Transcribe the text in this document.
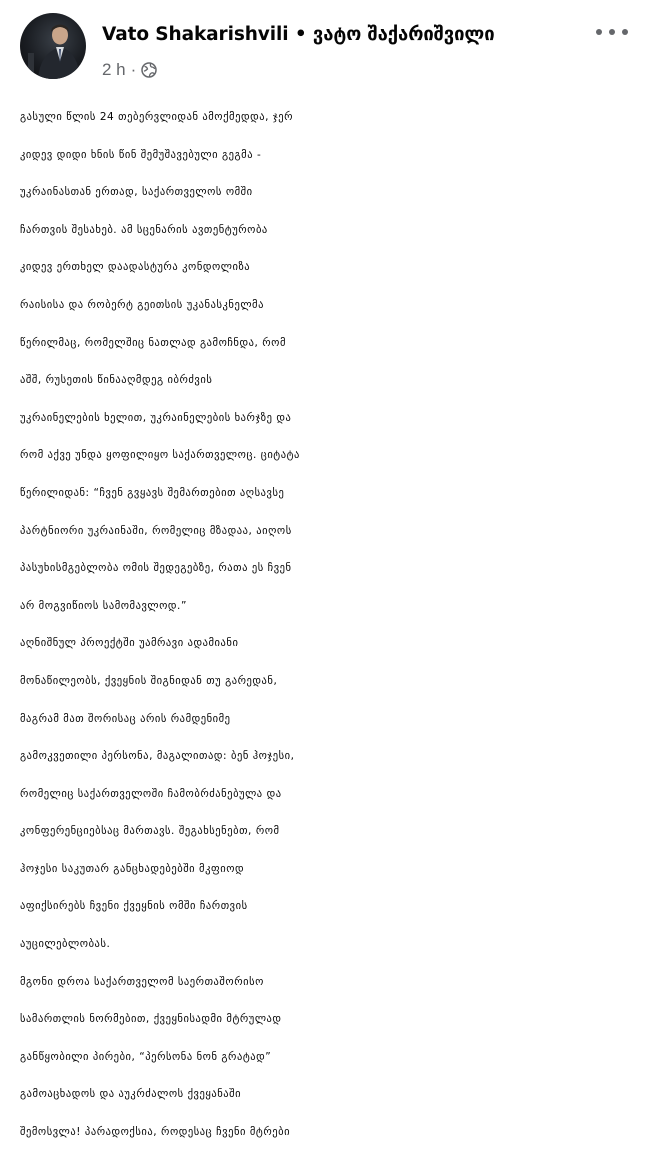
Vato Shakarishvili • ვატო შაქარიშვილი
2 h ·
გასული წლის 24 თებერვლიდან ამოქმედდა, ჯერ
კიდევ დიდი ხნის წინ შემუშავებული გეგმა -
უკრაინასთან ერთად, საქართველოს ომში
ჩართვის შესახებ. ამ სცენარის ავთენტურობა
კიდევ ერთხელ დაადასტურა კონდოლიზა
რაისისა და რობერტ გეითსის უკანასკნელმა
წერილმაც, რომელშიც ნათლად გამოჩნდა, რომ
აშშ, რუსეთის წინააღმდეგ იბრძვის
უკრაინელების ხელით, უკრაინელების ხარჯზე და
რომ აქვე უნდა ყოფილიყო საქართველოც. ციტატა
წერილიდან: “ჩვენ გვყავს შემართებით აღსავსე
პარტნიორი უკრაინაში, რომელიც მზადაა, აიღოს
პასუხისმგებლობა ომის შედეგებზე, რათა ეს ჩვენ
არ მოგვიწიოს სამომავლოდ.”
აღნიშნულ პროექტში უამრავი ადამიანი
მონაწილეობს, ქვეყნის შიგნიდან თუ გარედან,
მაგრამ მათ შორისაც არის რამდენიმე
გამოკვეთილი პერსონა, მაგალითად: ბენ ჰოჯესი,
რომელიც საქართველოში ჩამობრძანებულა და
კონფერენციებსაც მართავს. შეგახსენებთ, რომ
ჰოჯესი საკუთარ განცხადებებში მკფიოდ
აფიქსირებს ჩვენი ქვეყნის ომში ჩართვის
აუცილებლობას.
მგონი დროა საქართველომ საერთაშორისო
სამართლის ნორმებით, ქვეყნისადმი მტრულად
განწყობილი პირები, “პერსონა ნონ გრატად”
გამოაცხადოს და აუკრძალოს ქვეყანაში
შემოსვლა! პარადოქსია, როდესაც ჩვენი მტრები
